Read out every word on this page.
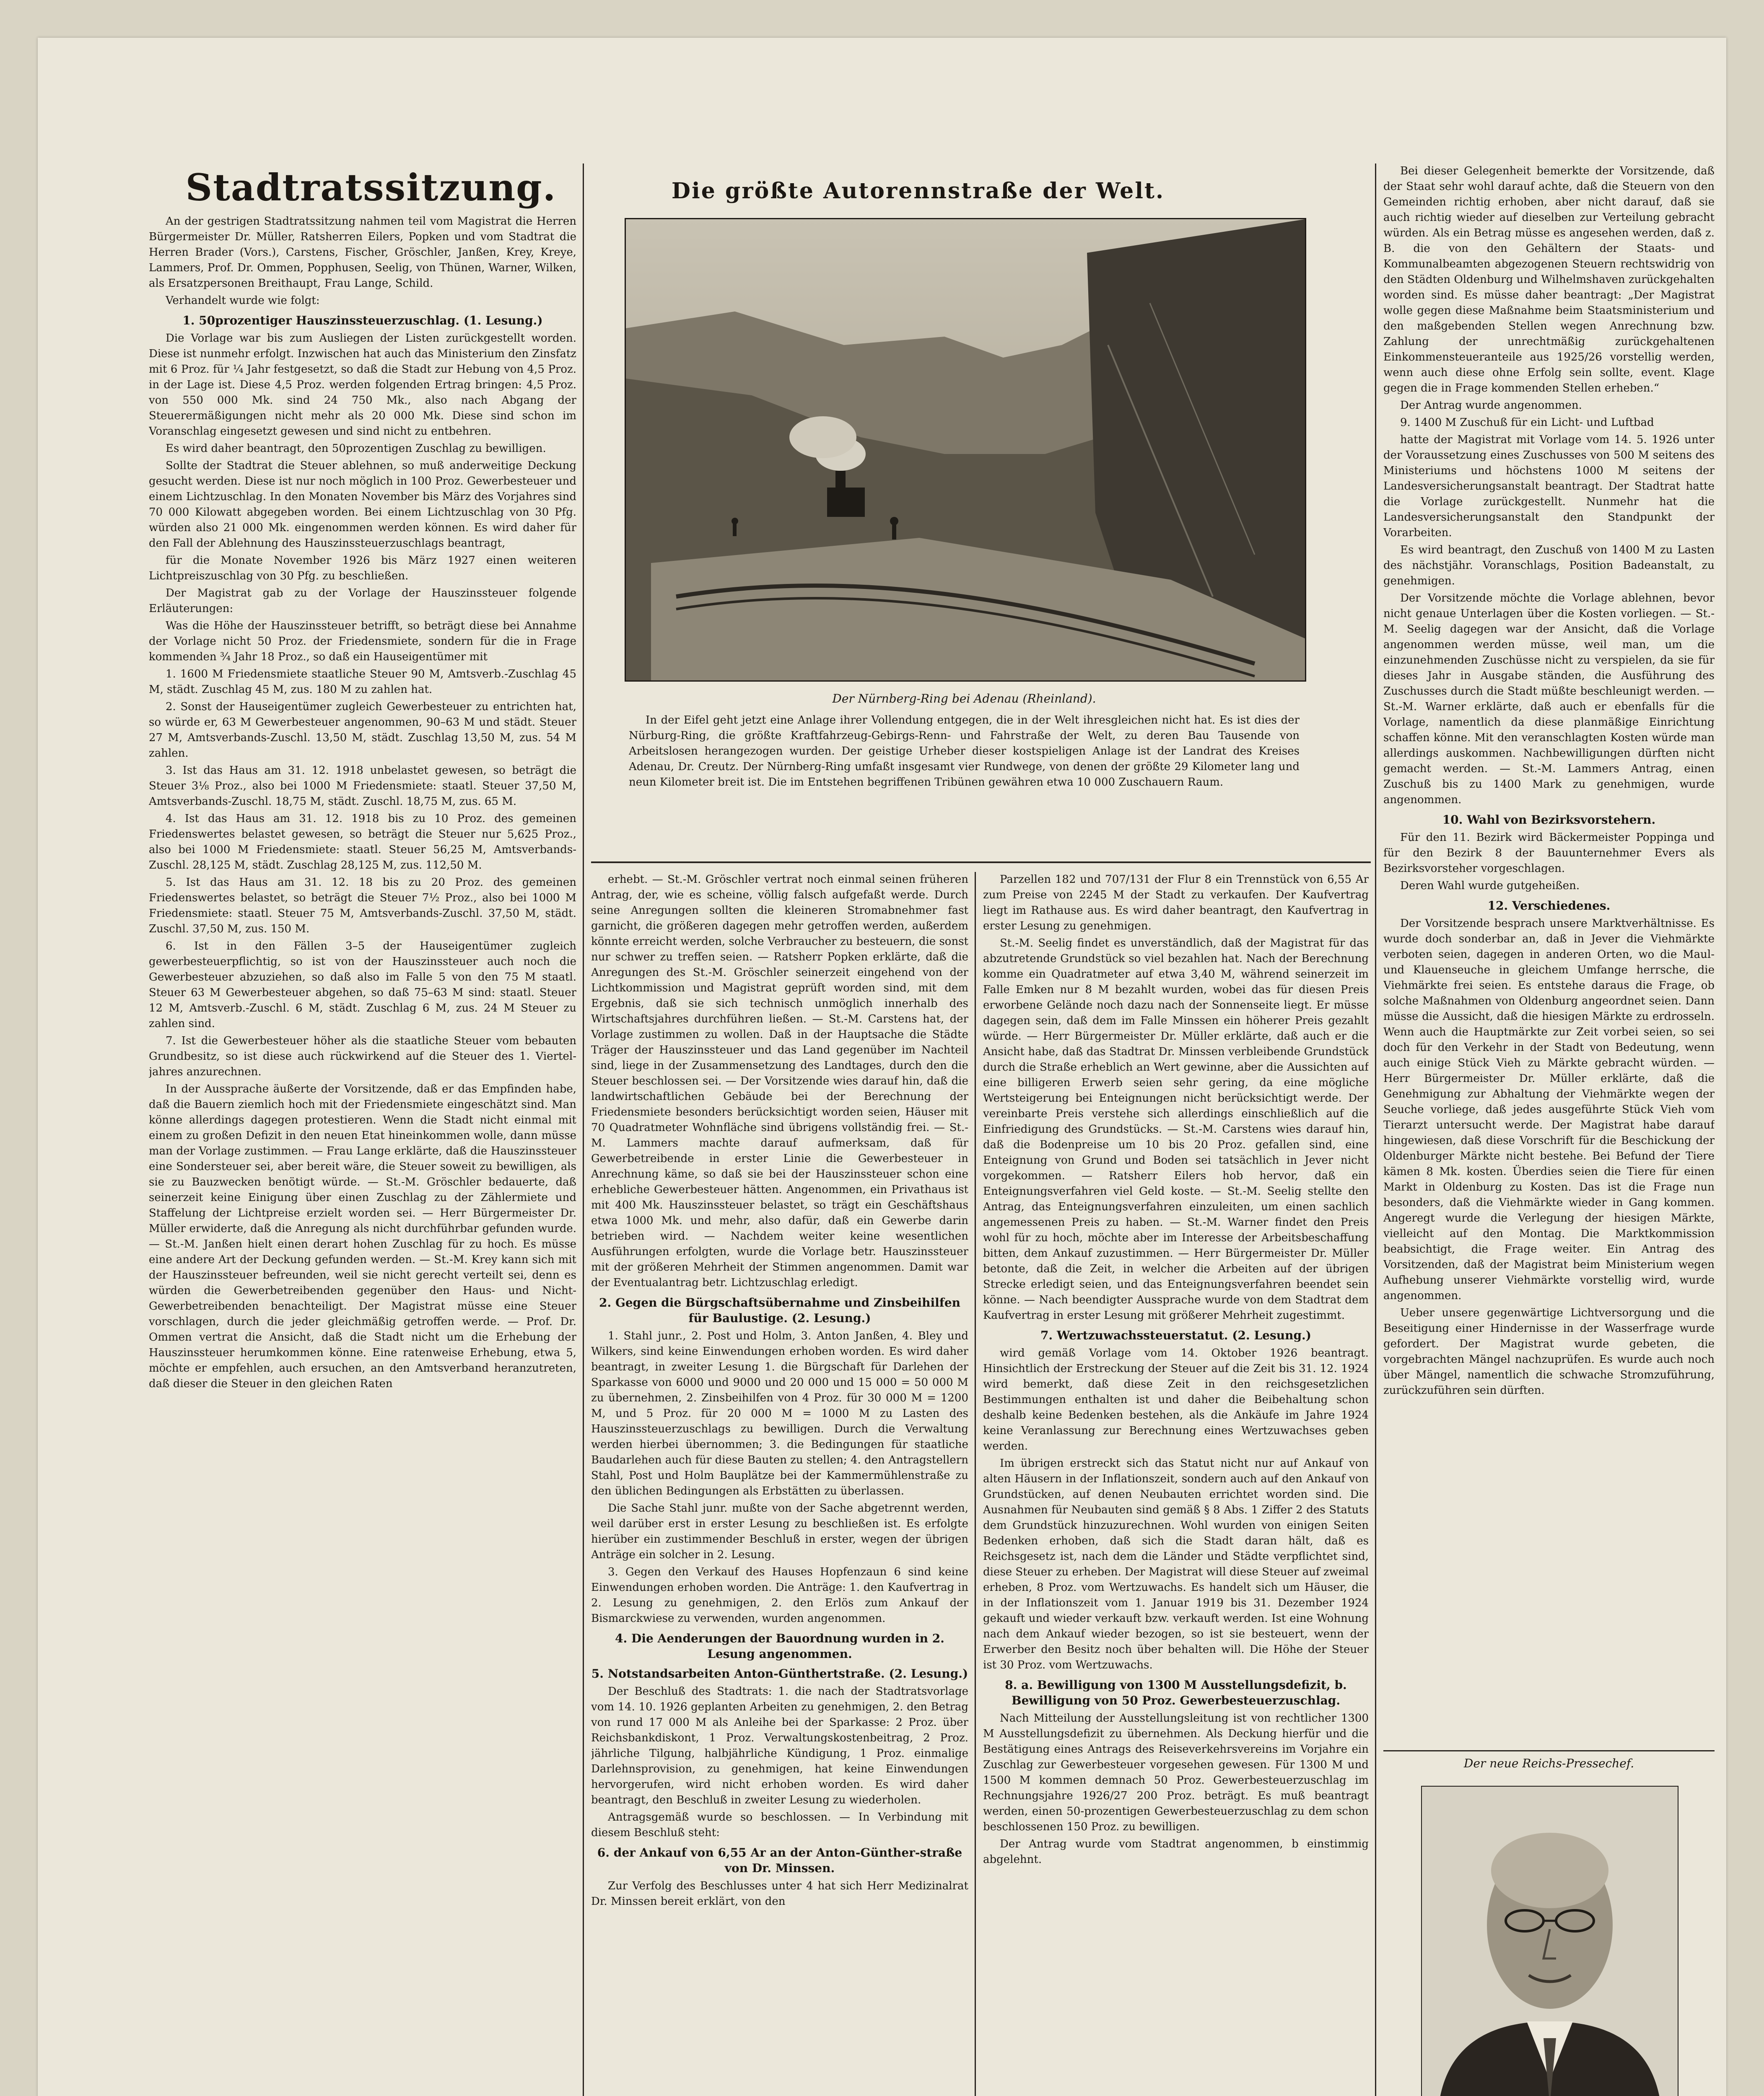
Stadtratssitzung.

An der gestrigen Stadtratssitzung nahmen teil vom Magistrat die Herren Bürgermeister Dr. Müller, Ratsherren Eilers, Popken und vom Stadtrat die Herren Brader (Vors.), Carstens, Fischer, Gröschler, Janßen, Krey, Kreye, Lammers, Prof. Dr. Ommen, Popphusen, Seelig, von Thünen, Warner, Wilken, als Ersatzpersonen Breithaupt, Frau Lange, Schild.

Verhandelt wurde wie folgt:

1. 50prozentiger Hauszinssteuerzuschlag. (1. Lesung.)

Die Vorlage war bis zum Ausliegen der Listen zurückgestellt worden. Diese ist nunmehr erfolgt. Inzwischen hat auch das Ministerium den Zinsfatz mit 6 Proz. für ¼ Jahr festgesetzt, so daß die Stadt zur Hebung von 4,5 Proz. in der Lage ist. Diese 4,5 Proz. werden folgenden Ertrag bringen: 4,5 Proz. von 550 000 Mk. sind 24 750 Mk., also nach Abgang der Steuerermäßigungen nicht mehr als 20 000 Mk. Diese sind schon im Voranschlag eingesetzt gewesen und sind nicht zu entbehren.

Es wird daher beantragt, den 50prozentigen Zuschlag zu bewilligen.

Sollte der Stadtrat die Steuer ablehnen, so muß anderweitige Deckung gesucht werden. Diese ist nur noch möglich in 100 Proz. Gewerbesteuer und einem Lichtzuschlag. In den Monaten November bis März des Vorjahres sind 70 000 Kilowatt abgegeben worden. Bei einem Lichtzuschlag von 30 Pfg. würden also 21 000 Mk. eingenommen werden können. Es wird daher für den Fall der Ablehnung des Hauszinssteuerzuschlags beantragt,

für die Monate November 1926 bis März 1927 einen weiteren Lichtpreiszuschlag von 30 Pfg. zu beschließen.

Der Magistrat gab zu der Vorlage der Hauszinssteuer folgende Erläuterungen:

Was die Höhe der Hauszinssteuer betrifft, so beträgt diese bei Annahme der Vorlage nicht 50 Proz. der Friedensmiete, sondern für die in Frage kommenden ¾ Jahr 18 Proz., so daß ein Hauseigentümer mit

1. 1600 M Friedensmiete staatliche Steuer 90 M, Amtsverb.-Zuschlag 45 M, städt. Zuschlag 45 M, zus. 180 M zu zahlen hat.

2. Sonst der Hauseigentümer zugleich Gewerbesteuer zu entrichten hat, so würde er, 63 M Gewerbesteuer angenommen, 90–63 M und städt. Steuer 27 M, Amtsverbands-Zuschl. 13,50 M, städt. Zuschlag 13,50 M, zus. 54 M zahlen.

3. Ist das Haus am 31. 12. 1918 unbelastet gewesen, so beträgt die Steuer 3⅛ Proz., also bei 1000 M Friedensmiete: staatl. Steuer 37,50 M, Amtsverbands-Zuschl. 18,75 M, städt. Zuschl. 18,75 M, zus. 65 M.

4. Ist das Haus am 31. 12. 1918 bis zu 10 Proz. des gemeinen Friedenswertes belastet gewesen, so beträgt die Steuer nur 5,625 Proz., also bei 1000 M Friedensmiete: staatl. Steuer 56,25 M, Amtsverbands-Zuschl. 28,125 M, städt. Zuschlag 28,125 M, zus. 112,50 M.

5. Ist das Haus am 31. 12. 18 bis zu 20 Proz. des gemeinen Friedenswertes belastet, so beträgt die Steuer 7½ Proz., also bei 1000 M Friedensmiete: staatl. Steuer 75 M, Amtsverbands-Zuschl. 37,50 M, städt. Zuschl. 37,50 M, zus. 150 M.

6. Ist in den Fällen 3–5 der Hauseigentümer zugleich gewerbesteuerpflichtig, so ist von der Hauszinssteuer auch noch die Gewerbesteuer abzuziehen, so daß also im Falle 5 von den 75 M staatl. Steuer 63 M Gewerbesteuer abgehen, so daß 75–63 M sind: staatl. Steuer 12 M, Amtsverb.-Zuschl. 6 M, städt. Zuschlag 6 M, zus. 24 M Steuer zu zahlen sind.

7. Ist die Gewerbesteuer höher als die staatliche Steuer vom bebauten Grundbesitz, so ist diese auch rückwirkend auf die Steuer des 1. Viertel-jahres anzurechnen.

In der Aussprache äußerte der Vorsitzende, daß er das Empfinden habe, daß die Bauern ziemlich hoch mit der Friedensmiete eingeschätzt sind. Man könne allerdings dagegen protestieren. Wenn die Stadt nicht einmal mit einem zu großen Defizit in den neuen Etat hineinkommen wolle, dann müsse man der Vorlage zustimmen. — Frau Lange erklärte, daß die Hauszinssteuer eine Sondersteuer sei, aber bereit wäre, die Steuer soweit zu bewilligen, als sie zu Bauzwecken benötigt würde. — St.-M. Gröschler bedauerte, daß seinerzeit keine Einigung über einen Zuschlag zu der Zählermiete und Staffelung der Lichtpreise erzielt worden sei. — Herr Bürgermeister Dr. Müller erwiderte, daß die Anregung als nicht durchführbar gefunden wurde. — St.-M. Janßen hielt einen derart hohen Zuschlag für zu hoch. Es müsse eine andere Art der Deckung gefunden werden. — St.-M. Krey kann sich mit der Hauszinssteuer befreunden, weil sie nicht gerecht verteilt sei, denn es würden die Gewerbetreibenden gegenüber den Haus- und Nicht-Gewerbetreibenden benachteiligt. Der Magistrat müsse eine Steuer vorschlagen, durch die jeder gleichmäßig getroffen werde. — Prof. Dr. Ommen vertrat die Ansicht, daß die Stadt nicht um die Erhebung der Hauszinssteuer herumkommen könne. Eine ratenweise Erhebung, etwa 5, möchte er empfehlen, auch ersuchen, an den Amtsverband heranzutreten, daß dieser die Steuer in den gleichen Raten

Die größte Autorennstraße der Welt.
Der Nürnberg-Ring bei Adenau (Rheinland).
In der Eifel geht jetzt eine Anlage ihrer Vollendung entgegen, die in der Welt ihresgleichen nicht hat. Es ist dies der Nürburg-Ring, die größte Kraftfahrzeug-Gebirgs-Renn- und Fahrstraße der Welt, zu deren Bau Tausende von Arbeitslosen herangezogen wurden. Der geistige Urheber dieser kostspieligen Anlage ist der Landrat des Kreises Adenau, Dr. Creutz. Der Nürnberg-Ring umfaßt insgesamt vier Rundwege, von denen der größte 29 Kilometer lang und neun Kilometer breit ist. Die im Entstehen begriffenen Tribünen gewähren etwa 10 000 Zuschauern Raum.

erhebt. — St.-M. Gröschler vertrat noch einmal seinen früheren Antrag, der, wie es scheine, völlig falsch aufgefaßt werde. Durch seine Anregungen sollten die kleineren Stromabnehmer fast garnicht, die größeren dagegen mehr getroffen werden, außerdem könnte erreicht werden, solche Verbraucher zu besteuern, die sonst nur schwer zu treffen seien. — Ratsherr Popken erklärte, daß die Anregungen des St.-M. Gröschler seinerzeit eingehend von der Lichtkommission und Magistrat geprüft worden sind, mit dem Ergebnis, daß sie sich technisch unmöglich innerhalb des Wirtschaftsjahres durchführen ließen. — St.-M. Carstens hat, der Vorlage zustimmen zu wollen. Daß in der Hauptsache die Städte Träger der Hauszinssteuer und das Land gegenüber im Nachteil sind, liege in der Zusammensetzung des Landtages, durch den die Steuer beschlossen sei. — Der Vorsitzende wies darauf hin, daß die landwirtschaftlichen Gebäude bei der Berechnung der Friedensmiete besonders berücksichtigt worden seien, Häuser mit 70 Quadratmeter Wohnfläche sind übrigens vollständig frei. — St.-M. Lammers machte darauf aufmerksam, daß für Gewerbetreibende in erster Linie die Gewerbesteuer in Anrechnung käme, so daß sie bei der Hauszinssteuer schon eine erhebliche Gewerbesteuer hätten. Angenommen, ein Privathaus ist mit 400 Mk. Hauszinssteuer belastet, so trägt ein Geschäftshaus etwa 1000 Mk. und mehr, also dafür, daß ein Gewerbe darin betrieben wird. — Nachdem weiter keine wesentlichen Ausführungen erfolgten, wurde die Vorlage betr. Hauszinssteuer mit der größeren Mehrheit der Stimmen angenommen. Damit war der Eventualantrag betr. Lichtzuschlag erledigt.

2. Gegen die Bürgschaftsübernahme und Zinsbeihilfen für Baulustige. (2. Lesung.)

1. Stahl junr., 2. Post und Holm, 3. Anton Janßen, 4. Bley und Wilkers, sind keine Einwendungen erhoben worden. Es wird daher beantragt, in zweiter Lesung 1. die Bürgschaft für Darlehen der Sparkasse von 6000 und 9000 und 20 000 und 15 000 = 50 000 M zu übernehmen, 2. Zinsbeihilfen von 4 Proz. für 30 000 M = 1200 M, und 5 Proz. für 20 000 M = 1000 M zu Lasten des Hauszinssteuerzuschlags zu bewilligen. Durch die Verwaltung werden hierbei übernommen; 3. die Bedingungen für staatliche Baudarlehen auch für diese Bauten zu stellen; 4. den Antragstellern Stahl, Post und Holm Bauplätze bei der Kammermühlenstraße zu den üblichen Bedingungen als Erbstätten zu überlassen.

Die Sache Stahl junr. mußte von der Sache abgetrennt werden, weil darüber erst in erster Lesung zu beschließen ist. Es erfolgte hierüber ein zustimmender Beschluß in erster, wegen der übrigen Anträge ein solcher in 2. Lesung.

3. Gegen den Verkauf des Hauses Hopfenzaun 6 sind keine Einwendungen erhoben worden. Die Anträge: 1. den Kaufvertrag in 2. Lesung zu genehmigen, 2. den Erlös zum Ankauf der Bismarckwiese zu verwenden, wurden angenommen.

4. Die Aenderungen der Bauordnung wurden in 2. Lesung angenommen.
5. Notstandsarbeiten Anton-Günthertstraße. (2. Lesung.)

Der Beschluß des Stadtrats: 1. die nach der Stadtratsvorlage vom 14. 10. 1926 geplanten Arbeiten zu genehmigen, 2. den Betrag von rund 17 000 M als Anleihe bei der Sparkasse: 2 Proz. über Reichsbankdiskont, 1 Proz. Verwaltungskostenbeitrag, 2 Proz. jährliche Tilgung, halbjährliche Kündigung, 1 Proz. einmalige Darlehnsprovision, zu genehmigen, hat keine Einwendungen hervorgerufen, wird nicht erhoben worden. Es wird daher beantragt, den Beschluß in zweiter Lesung zu wiederholen.

Antragsgemäß wurde so beschlossen. — In Verbindung mit diesem Beschluß steht:

6. der Ankauf von 6,55 Ar an der Anton-Günther-straße von Dr. Minssen.

Zur Verfolg des Beschlusses unter 4 hat sich Herr Medizinalrat Dr. Minssen bereit erklärt, von den

Parzellen 182 und 707/131 der Flur 8 ein Trennstück von 6,55 Ar zum Preise von 2245 M der Stadt zu verkaufen. Der Kaufvertrag liegt im Rathause aus. Es wird daher beantragt, den Kaufvertrag in erster Lesung zu genehmigen.

St.-M. Seelig findet es unverständlich, daß der Magistrat für das abzutretende Grundstück so viel bezahlen hat. Nach der Berechnung komme ein Quadratmeter auf etwa 3,40 M, während seinerzeit im Falle Emken nur 8 M bezahlt wurden, wobei das für diesen Preis erworbene Gelände noch dazu nach der Sonnenseite liegt. Er müsse dagegen sein, daß dem im Falle Minssen ein höherer Preis gezahlt würde. — Herr Bürgermeister Dr. Müller erklärte, daß auch er die Ansicht habe, daß das Stadtrat Dr. Minssen verbleibende Grundstück durch die Straße erheblich an Wert gewinne, aber die Aussichten auf eine billigeren Erwerb seien sehr gering, da eine mögliche Wertsteigerung bei Enteignungen nicht berücksichtigt werde. Der vereinbarte Preis verstehe sich allerdings einschließlich auf die Einfriedigung des Grundstücks. — St.-M. Carstens wies darauf hin, daß die Bodenpreise um 10 bis 20 Proz. gefallen sind, eine Enteignung von Grund und Boden sei tatsächlich in Jever nicht vorgekommen. — Ratsherr Eilers hob hervor, daß ein Enteignungsverfahren viel Geld koste. — St.-M. Seelig stellte den Antrag, das Enteignungsverfahren einzuleiten, um einen sachlich angemessenen Preis zu haben. — St.-M. Warner findet den Preis wohl für zu hoch, möchte aber im Interesse der Arbeitsbeschaffung bitten, dem Ankauf zuzustimmen. — Herr Bürgermeister Dr. Müller betonte, daß die Zeit, in welcher die Arbeiten auf der übrigen Strecke erledigt seien, und das Enteignungsverfahren beendet sein könne. — Nach beendigter Aussprache wurde von dem Stadtrat dem Kaufvertrag in erster Lesung mit größerer Mehrheit zugestimmt.

7. Wertzuwachssteuerstatut. (2. Lesung.)

wird gemäß Vorlage vom 14. Oktober 1926 beantragt. Hinsichtlich der Erstreckung der Steuer auf die Zeit bis 31. 12. 1924 wird bemerkt, daß diese Zeit in den reichsgesetzlichen Bestimmungen enthalten ist und daher die Beibehaltung schon deshalb keine Bedenken bestehen, als die Ankäufe im Jahre 1924 keine Veranlassung zur Berechnung eines Wertzuwachses geben werden.

Im übrigen erstreckt sich das Statut nicht nur auf Ankauf von alten Häusern in der Inflationszeit, sondern auch auf den Ankauf von Grundstücken, auf denen Neubauten errichtet worden sind. Die Ausnahmen für Neubauten sind gemäß § 8 Abs. 1 Ziffer 2 des Statuts dem Grundstück hinzuzurechnen. Wohl wurden von einigen Seiten Bedenken erhoben, daß sich die Stadt daran hält, daß es Reichsgesetz ist, nach dem die Länder und Städte verpflichtet sind, diese Steuer zu erheben. Der Magistrat will diese Steuer auf zweimal erheben, 8 Proz. vom Wertzuwachs. Es handelt sich um Häuser, die in der Inflationszeit vom 1. Januar 1919 bis 31. Dezember 1924 gekauft und wieder verkauft bzw. verkauft werden. Ist eine Wohnung nach dem Ankauf wieder bezogen, so ist sie besteuert, wenn der Erwerber den Besitz noch über behalten will. Die Höhe der Steuer ist 30 Proz. vom Wertzuwachs.

8. a. Bewilligung von 1300 M Ausstellungsdefizit, b. Bewilligung von 50 Proz. Gewerbesteuerzuschlag.

Nach Mitteilung der Ausstellungsleitung ist von rechtlicher 1300 M Ausstellungsdefizit zu übernehmen. Als Deckung hierfür und die Bestätigung eines Antrags des Reiseverkehrsvereins im Vorjahre ein Zuschlag zur Gewerbesteuer vorgesehen gewesen. Für 1300 M und 1500 M kommen demnach 50 Proz. Gewerbesteuerzuschlag im Rechnungsjahre 1926/27 200 Proz. beträgt. Es muß beantragt werden, einen 50-prozentigen Gewerbesteuerzuschlag zu dem schon beschlossenen 150 Proz. zu bewilligen.

Der Antrag wurde vom Stadtrat angenommen, b einstimmig abgelehnt.

Bei dieser Gelegenheit bemerkte der Vorsitzende, daß der Staat sehr wohl darauf achte, daß die Steuern von den Gemeinden richtig erhoben, aber nicht darauf, daß sie auch richtig wieder auf dieselben zur Verteilung gebracht würden. Als ein Betrag müsse es angesehen werden, daß z. B. die von den Gehältern der Staats- und Kommunalbeamten abgezogenen Steuern rechtswidrig von den Städten Oldenburg und Wilhelmshaven zurückgehalten worden sind. Es müsse daher beantragt: „Der Magistrat wolle gegen diese Maßnahme beim Staatsministerium und den maßgebenden Stellen wegen Anrechnung bzw. Zahlung der unrechtmäßig zurückgehaltenen Einkommensteueranteile aus 1925/26 vorstellig werden, wenn auch diese ohne Erfolg sein sollte, event. Klage gegen die in Frage kommenden Stellen erheben.“

Der Antrag wurde angenommen.

9. 1400 M Zuschuß für ein Licht- und Luftbad

hatte der Magistrat mit Vorlage vom 14. 5. 1926 unter der Voraussetzung eines Zuschusses von 500 M seitens des Ministeriums und höchstens 1000 M seitens der Landesversicherungsanstalt beantragt. Der Stadtrat hatte die Vorlage zurückgestellt. Nunmehr hat die Landesversicherungsanstalt den Standpunkt der Vorarbeiten.

Es wird beantragt, den Zuschuß von 1400 M zu Lasten des nächstjähr. Voranschlags, Position Badeanstalt, zu genehmigen.

Der Vorsitzende möchte die Vorlage ablehnen, bevor nicht genaue Unterlagen über die Kosten vorliegen. — St.-M. Seelig dagegen war der Ansicht, daß die Vorlage angenommen werden müsse, weil man, um die einzunehmenden Zuschüsse nicht zu verspielen, da sie für dieses Jahr in Ausgabe ständen, die Ausführung des Zuschusses durch die Stadt müßte beschleunigt werden. — St.-M. Warner erklärte, daß auch er ebenfalls für die Vorlage, namentlich da diese planmäßige Einrichtung schaffen könne. Mit den veranschlagten Kosten würde man allerdings auskommen. Nachbewilligungen dürften nicht gemacht werden. — St.-M. Lammers Antrag, einen Zuschuß bis zu 1400 Mark zu genehmigen, wurde angenommen.

10. Wahl von Bezirksvorstehern.

Für den 11. Bezirk wird Bäckermeister Poppinga und für den Bezirk 8 der Bauunternehmer Evers als Bezirksvorsteher vorgeschlagen.

Deren Wahl wurde gutgeheißen.

12. Verschiedenes.

Der Vorsitzende besprach unsere Marktverhältnisse. Es wurde doch sonderbar an, daß in Jever die Viehmärkte verboten seien, dagegen in anderen Orten, wo die Maul- und Klauenseuche in gleichem Umfange herrsche, die Viehmärkte frei seien. Es entstehe daraus die Frage, ob solche Maßnahmen von Oldenburg angeordnet seien. Dann müsse die Aussicht, daß die hiesigen Märkte zu erdrosseln. Wenn auch die Hauptmärkte zur Zeit vorbei seien, so sei doch für den Verkehr in der Stadt von Bedeutung, wenn auch einige Stück Vieh zu Märkte gebracht würden. — Herr Bürgermeister Dr. Müller erklärte, daß die Genehmigung zur Abhaltung der Viehmärkte wegen der Seuche vorliege, daß jedes ausgeführte Stück Vieh vom Tierarzt untersucht werde. Der Magistrat habe darauf hingewiesen, daß diese Vorschrift für die Beschickung der Oldenburger Märkte nicht bestehe. Bei Befund der Tiere kämen 8 Mk. kosten. Überdies seien die Tiere für einen Markt in Oldenburg zu Kosten. Das ist die Frage nun besonders, daß die Viehmärkte wieder in Gang kommen. Angeregt wurde die Verlegung der hiesigen Märkte, vielleicht auf den Montag. Die Marktkommission beabsichtigt, die Frage weiter. Ein Antrag des Vorsitzenden, daß der Magistrat beim Ministerium wegen Aufhebung unserer Viehmärkte vorstellig wird, wurde angenommen.

Ueber unsere gegenwärtige Lichtversorgung und die Beseitigung einer Hindernisse in der Wasserfrage wurde gefordert. Der Magistrat wurde gebeten, die vorgebrachten Mängel nachzuprüfen. Es wurde auch noch über Mängel, namentlich die schwache Stromzuführung, zurückzuführen sein dürften.

Der neue Reichs-Pressechef.
